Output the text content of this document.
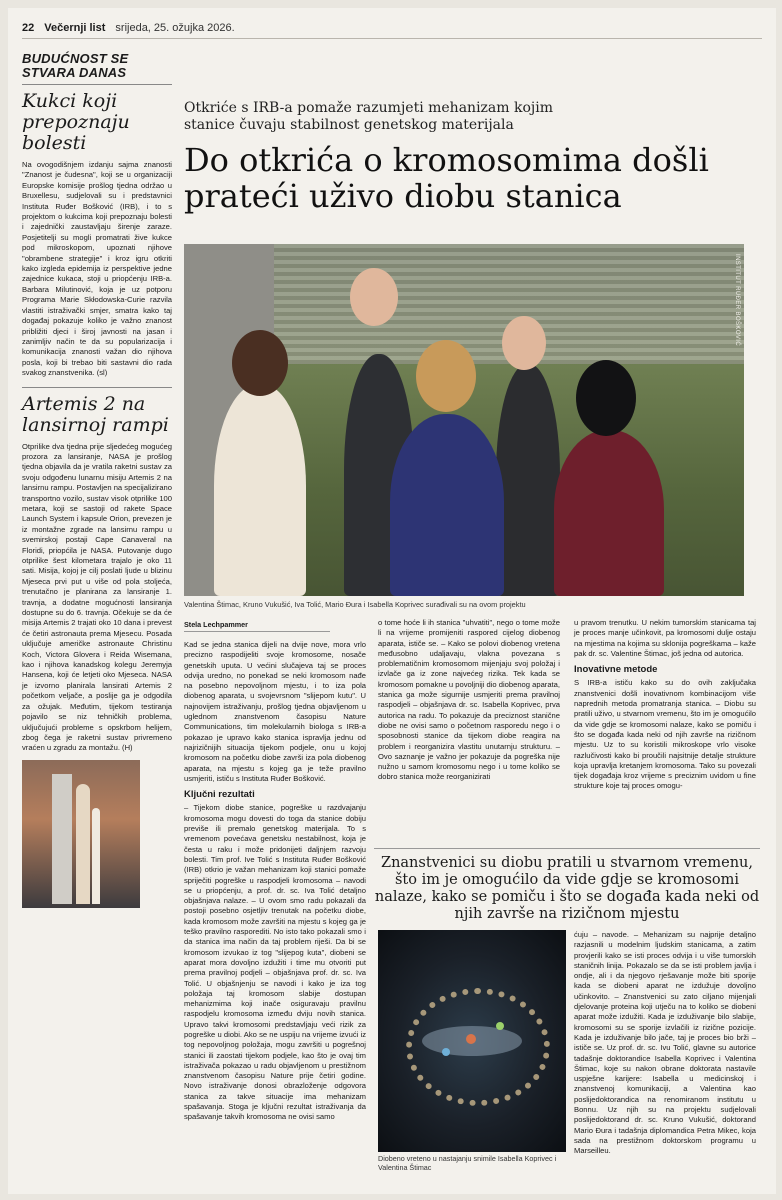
22 Večernji list srijeda, 25. ožujka 2026.
BUDUĆNOST SE STVARA DANAS
Kukci koji prepoznaju bolesti

Na ovogodišnjem izdanju sajma znanosti "Znanost je čudesna", koji se u organizaciji Europske komisije prošlog tjedna održao u Bruxellesu, sudjelovali su i predstavnici Instituta Ruđer Bošković (IRB), i to s projektom o kukcima koji prepoznaju bolesti i zajednički zaustavljaju širenje zaraze. Posjetitelji su mogli promatrati žive kukce pod mikroskopom, upoznati njihove "obrambene strategije" i kroz igru otkriti kako izgleda epidemija iz perspektive jedne zajednice kukaca, stoji u priopćenju IRB-a. Barbara Milutinović, koja je uz potporu Programa Marie Skłodowska-Curie razvila vlastiti istraživački smjer, smatra kako taj događaj pokazuje koliko je važno znanost približiti djeci i široj javnosti na jasan i zanimljiv način te da su popularizacija i komunikacija znanosti važan dio njihova posla, koji bi trebao biti sastavni dio rada svakog znanstvenika. (sl)

Artemis 2 na lansirnoj rampi

Otprilike dva tjedna prije sljedećeg mogućeg prozora za lansiranje, NASA je prošlog tjedna objavila da je vratila raketni sustav za svoju odgođenu lunarnu misiju Artemis 2 na lansirnu rampu. Postavljen na specijalizirano transportno vozilo, sustav visok otprilike 100 metara, koji se sastoji od rakete Space Launch System i kapsule Orion, prevezen je iz montažne zgrade na lansirnu rampu u svemirskoj postaji Cape Canaveral na Floridi, priopćila je NASA. Putovanje dugo otprilike šest kilometara trajalo je oko 11 sati. Misija, kojoj je cilj poslati ljude u blizinu Mjeseca prvi put u više od pola stoljeća, trenutačno je planirana za lansiranje 1. travnja, a dodatne mogućnosti lansiranja dostupne su do 6. travnja. Očekuje se da će misija Artemis 2 trajati oko 10 dana i prevest će četiri astronauta prema Mjesecu. Posada uključuje američke astronaute Christinu Koch, Victora Glovera i Reida Wisemana, kao i njihova kanadskog kolegu Jeremyja Hansena, koji će letjeti oko Mjeseca. NASA je izvorno planirala lansirati Artemis 2 početkom veljače, a poslije ga je odgodila za ožujak. Međutim, tijekom testiranja pojavilo se niz tehničkih problema, uključujući probleme s opskrbom helijem, zbog čega je raketni sustav privremeno vraćen u zgradu za montažu. (H)

Otkriće s IRB-a pomaže razumjeti mehanizam kojim stanice čuvaju stabilnost genetskog materijala
Do otkrića o kromosomima došli prateći uživo diobu stanica
INSTITUT RUĐER BOŠKOVIĆ
Valentina Štimac, Kruno Vukušić, Iva Tolić, Mario Đura i Isabella Koprivec surađivali su na ovom projektu
Stela Lechpammer

Kad se jedna stanica dijeli na dvije nove, mora vrlo precizno raspodijeliti svoje kromosome, nosače genetskih uputa. U većini slučajeva taj se proces odvija uredno, no ponekad se neki kromosom nađe na posebno nepovoljnom mjestu, i to iza pola diobenog aparata, u svojevrsnom "slijepom kutu". U najnovijem istraživanju, prošlog tjedna objavljenom u uglednom znanstvenom časopisu Nature Communications, tim molekularnih biologa s IRB-a pokazao je upravo kako stanica ispravlja jednu od najrizičnijih situacija tijekom podjele, onu u kojoj kromosom na početku diobe završi iza pola diobenog aparata, na mjestu s kojeg ga je teže pravilno usmjeriti, ističu s Instituta Ruđer Bošković.

Ključni rezultati

– Tijekom diobe stanice, pogreške u razdvajanju kromosoma mogu dovesti do toga da stanice dobiju previše ili premalo genetskog materijala. To s vremenom povećava genetsku nestabilnost, koja je česta u raku i može pridonijeti daljnjem razvoju bolesti. Tim prof. Ive Tolić s Instituta Ruđer Bošković (IRB) otkrio je važan mehanizam koji stanici pomaže spriječiti pogreške u raspodjeli kromosoma – navodi se u priopćenju, a prof. dr. sc. Iva Tolić detaljno objašnjava nalaze. – U ovom smo radu pokazali da postoji posebno osjetljiv trenutak na početku diobe, kada kromosom može završiti na mjestu s kojeg ga je teško pravilno rasporediti. No isto tako pokazali smo i da stanica ima način da taj problem riješi. Da bi se kromosom izvukao iz tog "slijepog kuta", diobeni se aparat mora dovoljno izdužiti i time mu otvoriti put prema pravilnoj podjeli – objašnjava prof. dr. sc. Iva Tolić. U objašnjenju se navodi i kako je iza tog položaja taj kromosom slabije dostupan mehanizmima koji inače osiguravaju pravilnu raspodjelu kromosoma između dviju novih stanica. Upravo takvi kromosomi predstavljaju veći rizik za pogreške u diobi. Ako se ne uspiju na vrijeme izvući iz tog nepovoljnog položaja, mogu završiti u pogrešnoj stanici ili zaostati tijekom podjele, kao što je ovaj tim istraživača pokazao u radu objavljenom u prestižnom znanstvenom časopisu Nature prije četiri godine. Novo istraživanje donosi obrazloženje odgovora stanica za takve situacije ima mehanizam spašavanja. Stoga je ključni rezultat istraživanja da spašavanje takvih kromosoma ne ovisi samo

o tome hoće li ih stanica "uhvatiti", nego o tome može li na vrijeme promijeniti raspored cijelog diobenog aparata, ističe se. – Kako se polovi diobenog vretena međusobno udaljavaju, vlakna povezana s problematičnim kromosomom mijenjaju svoj položaj i izvlače ga iz zone najvećeg rizika. Tek kada se kromosom pomakne u povoljniji dio diobenog aparata, stanica ga može sigurnije usmjeriti prema pravilnoj raspodjeli – objašnjava dr. sc. Isabella Koprivec, prva autorica na radu. To pokazuje da preciznost stanične diobe ne ovisi samo o početnom rasporedu nego i o sposobnosti stanice da tijekom diobe reagira na problem i reorganizira vlastitu unutarnju strukturu. – Ovo saznanje je važno jer pokazuje da pogreška nije nužno u samom kromosomu nego i u tome koliko se dobro stanica može reorganizirati

u pravom trenutku. U nekim tumorskim stanicama taj je proces manje učinkovit, pa kromosomi dulje ostaju na mjestima na kojima su sklonija pogreškama – kaže pak dr. sc. Valentine Štimac, još jedna od autorica.

Inovativne metode

S IRB-a ističu kako su do ovih zaključaka znanstvenici došli inovativnom kombinacijom više naprednih metoda promatranja stanica. – Diobu su pratili uživo, u stvarnom vremenu, što im je omogućilo da vide gdje se kromosomi nalaze, kako se pomiču i što se događa kada neki od njih završe na rizičnom mjestu. Uz to su koristili mikroskope vrlo visoke razlučivosti kako bi proučili najsitnije detalje strukture koja upravlja kretanjem kromosoma. Tako su povezali tijek događaja kroz vrijeme s preciznim uvidom u fine strukture koje taj proces omogu-

Znanstvenici su diobu pratili u stvarnom vremenu, što im je omogućilo da vide gdje se kromosomi nalaze, kako se pomiču i što se događa kada neki od njih završe na rizičnom mjestu
Diobeno vreteno u nastajanju snimile Isabella Koprivec i Valentina Štimac

ćuju – navode. – Mehanizam su najprije detaljno razjasnili u modelnim ljudskim stanicama, a zatim provjerili kako se isti proces odvija i u više tumorskih staničnih linija. Pokazalo se da se isti problem javlja i ondje, ali i da njegovo rješavanje može biti sporije kada se diobeni aparat ne izdužuje dovoljno učinkovito. – Znanstvenici su zato ciljano mijenjali djelovanje proteina koji utječu na to koliko se diobeni aparat može izdužiti. Kada je izduživanje bilo slabije, kromosomi su se sporije izvlačili iz rizične pozicije. Kada je izduživanje bilo jače, taj je proces bio brži – ističe se. Uz prof. dr. sc. Ivu Tolić, glavne su autorice tadašnje doktorandice Isabella Koprivec i Valentina Štimac, koje su nakon obrane doktorata nastavile uspješne karijere: Isabella u medicinskoj i znanstvenoj komunikaciji, a Valentina kao poslijedoktorandica na renomiranom institutu u Bonnu. Uz njih su na projektu sudjelovali poslijedoktorand dr. sc. Kruno Vukušić, doktorand Mario Đura i tadašnja diplomandica Petra Mikec, koja sada na prestižnom doktorskom programu u Marseilleu.
